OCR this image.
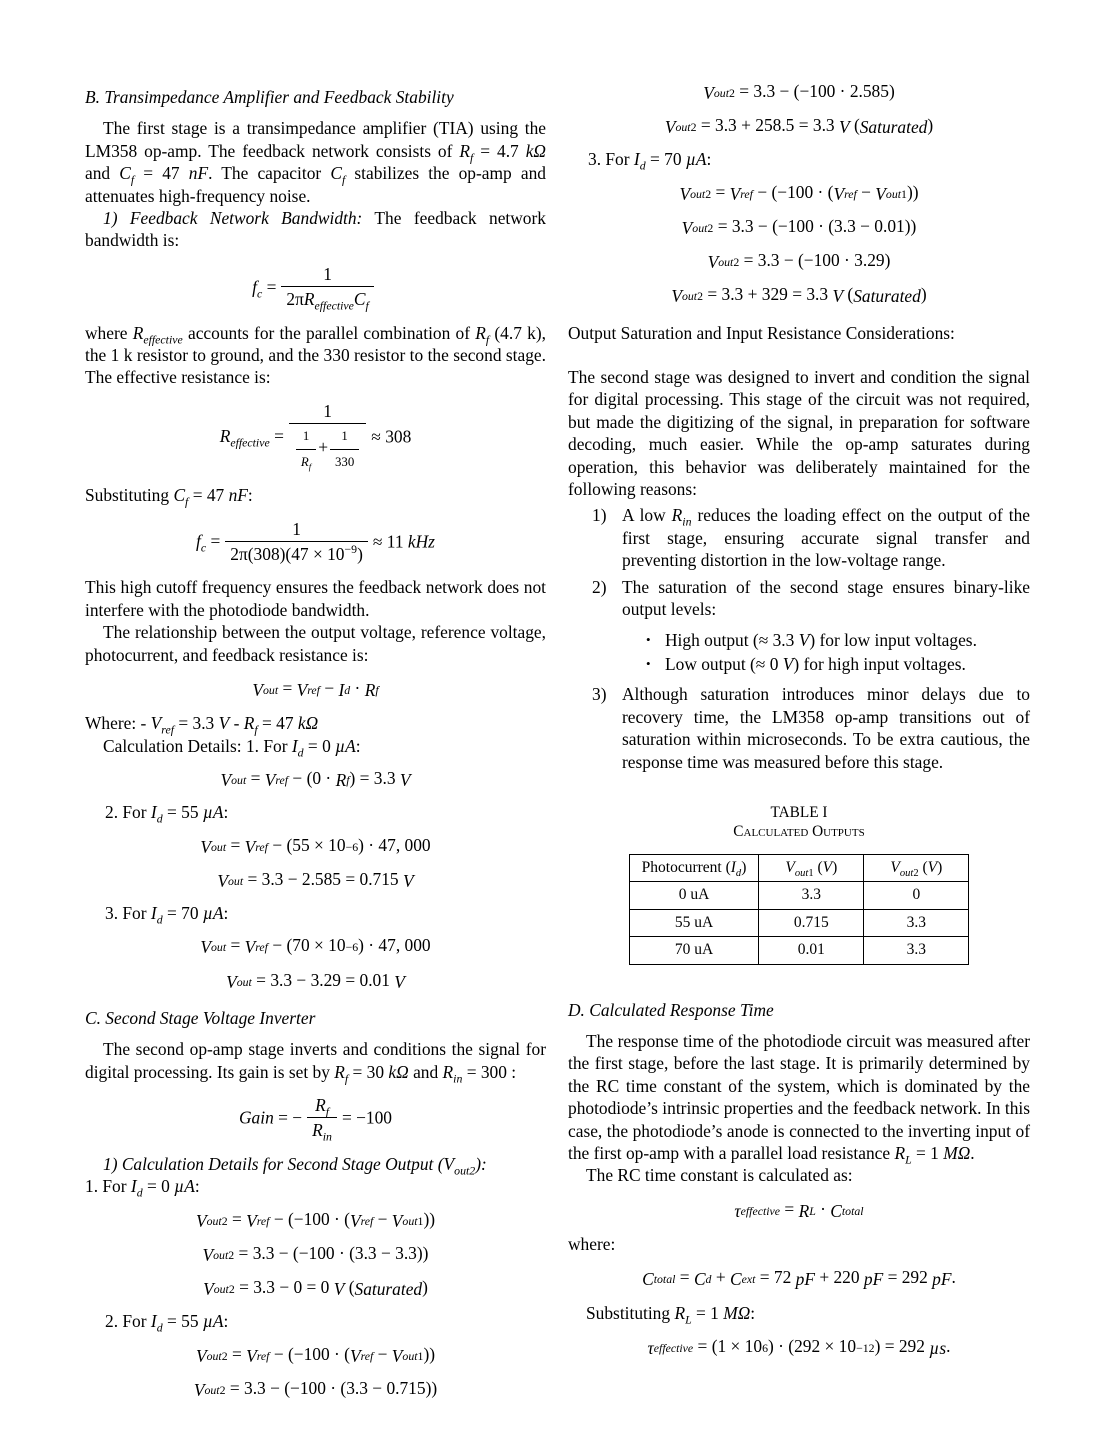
B. Transimpedance Amplifier and Feedback Stability
The first stage is a transimpedance amplifier (TIA) using the LM358 op-amp. The feedback network consists of $R_f = 4.7$ kΩ and $C_f = 47$ nF. The capacitor $C_f$ stabilizes the op-amp and attenuates high-frequency noise.
1) Feedback Network Bandwidth: The feedback network bandwidth is:
$f_c = \frac{1}{2\pi R_{effective}C_f}$
where $R_{effective}$ accounts for the parallel combination of $R_f$ (4.7 k), the 1 k resistor to ground, and the 330 resistor to the second stage. The effective resistance is:
$R_{effective} = \frac{1}{\frac{1}{R_f} + \frac{1}{330}} \approx 308$
Substituting $C_f = 47$ nF:
$f_c = \frac{1}{2\pi(308)(47 \times 10^{-9})} \approx 11$ kHz
This high cutoff frequency ensures the feedback network does not interfere with the photodiode bandwidth.
The relationship between the output voltage, reference voltage, photocurrent, and feedback resistance is:
Vout = Vref − Id · Rf
Where: - $V_{ref} = 3.3$ $V - R_f = 47$ kΩ
Calculation Details: 1. For $I_d = 0$ µA:
Vout = Vref − (0 · Rf) = 3.3 V
2. For $I_d = 55$ µA:
Vout = Vref − (55 × 10−6) · 47, 000
Vout = 3.3 − 2.585 = 0.715 V
3. For $I_d = 70$ µA:
Vout = Vref − (70 × 10−6) · 47, 000
Vout = 3.3 − 3.29 = 0.01 V
C. Second Stage Voltage Inverter
The second op-amp stage inverts and conditions the signal for digital processing. Its gain is set by $R_f = 30$ kΩ and $R_{in} = 300$ :
Gain = − $\frac{R_f}{R_{in}} = -100$
1) Calculation Details for Second Stage Output $(V_{out2})$:
1. For $I_d = 0$ µA:
Vout2 = Vref − (−100 · (Vref − Vout1))
Vout2 = 3.3 − (−100 · (3.3 − 3.3))
Vout2 = 3.3 − 0 = 0 V (Saturated)
2. For $I_d = 55$ µA:
Vout2 = Vref − (−100 · (Vref − Vout1))
Vout2 = 3.3 − (−100 · (3.3 − 0.715))
Vout2 = 3.3 − (−100 · 2.585)
Vout2 = 3.3 + 258.5 = 3.3 V (Saturated)
3. For $I_d = 70$ µA:
Vout2 = Vref − (−100 · (Vref − Vout1))
Vout2 = 3.3 − (−100 · (3.3 − 0.01))
Vout2 = 3.3 − (−100 · 3.29)
Vout2 = 3.3 + 329 = 3.3 V (Saturated)
Output Saturation and Input Resistance Considerations:
The second stage was designed to invert and condition the signal for digital processing. This stage of the circuit was not required, but made the digitizing of the signal, in preparation for software decoding, much easier. While the op-amp saturates during operation, this behavior was deliberately maintained for the following reasons:
1) A low $R_{in}$ reduces the loading effect on the output of the first stage, ensuring accurate signal transfer and preventing distortion in the low-voltage range.
2) The saturation of the second stage ensures binary-like output levels:
• High output (≈ 3.3 V) for low input voltages.
• Low output (≈ 0 V) for high input voltages.
3) Although saturation introduces minor delays due to recovery time, the LM358 op-amp transitions out of saturation within microseconds. To be extra cautious, the response time was measured before this stage.
TABLE I
Calculated Outputs
Photocurrent $(I_d)$	$V_{out1}$ (V)	$V_{out2}$ (V)
0 uA	3.3	0
55 uA	0.715	3.3
70 uA	0.01	3.3
D. Calculated Response Time
The response time of the photodiode circuit was measured after the first stage, before the last stage. It is primarily determined by the RC time constant of the system, which is dominated by the photodiode’s intrinsic properties and the feedback network. In this case, the photodiode’s anode is connected to the inverting input of the first op-amp with a parallel load resistance $R_L = 1$ MΩ.
The RC time constant is calculated as:
τeffective = RL · Ctotal
where:
Ctotal = Cd + Cext = 72 pF + 220 pF = 292 pF.
Substituting $R_L = 1$ MΩ:
τeffective = (1 × 106) · (292 × 10−12) = 292 µs.
